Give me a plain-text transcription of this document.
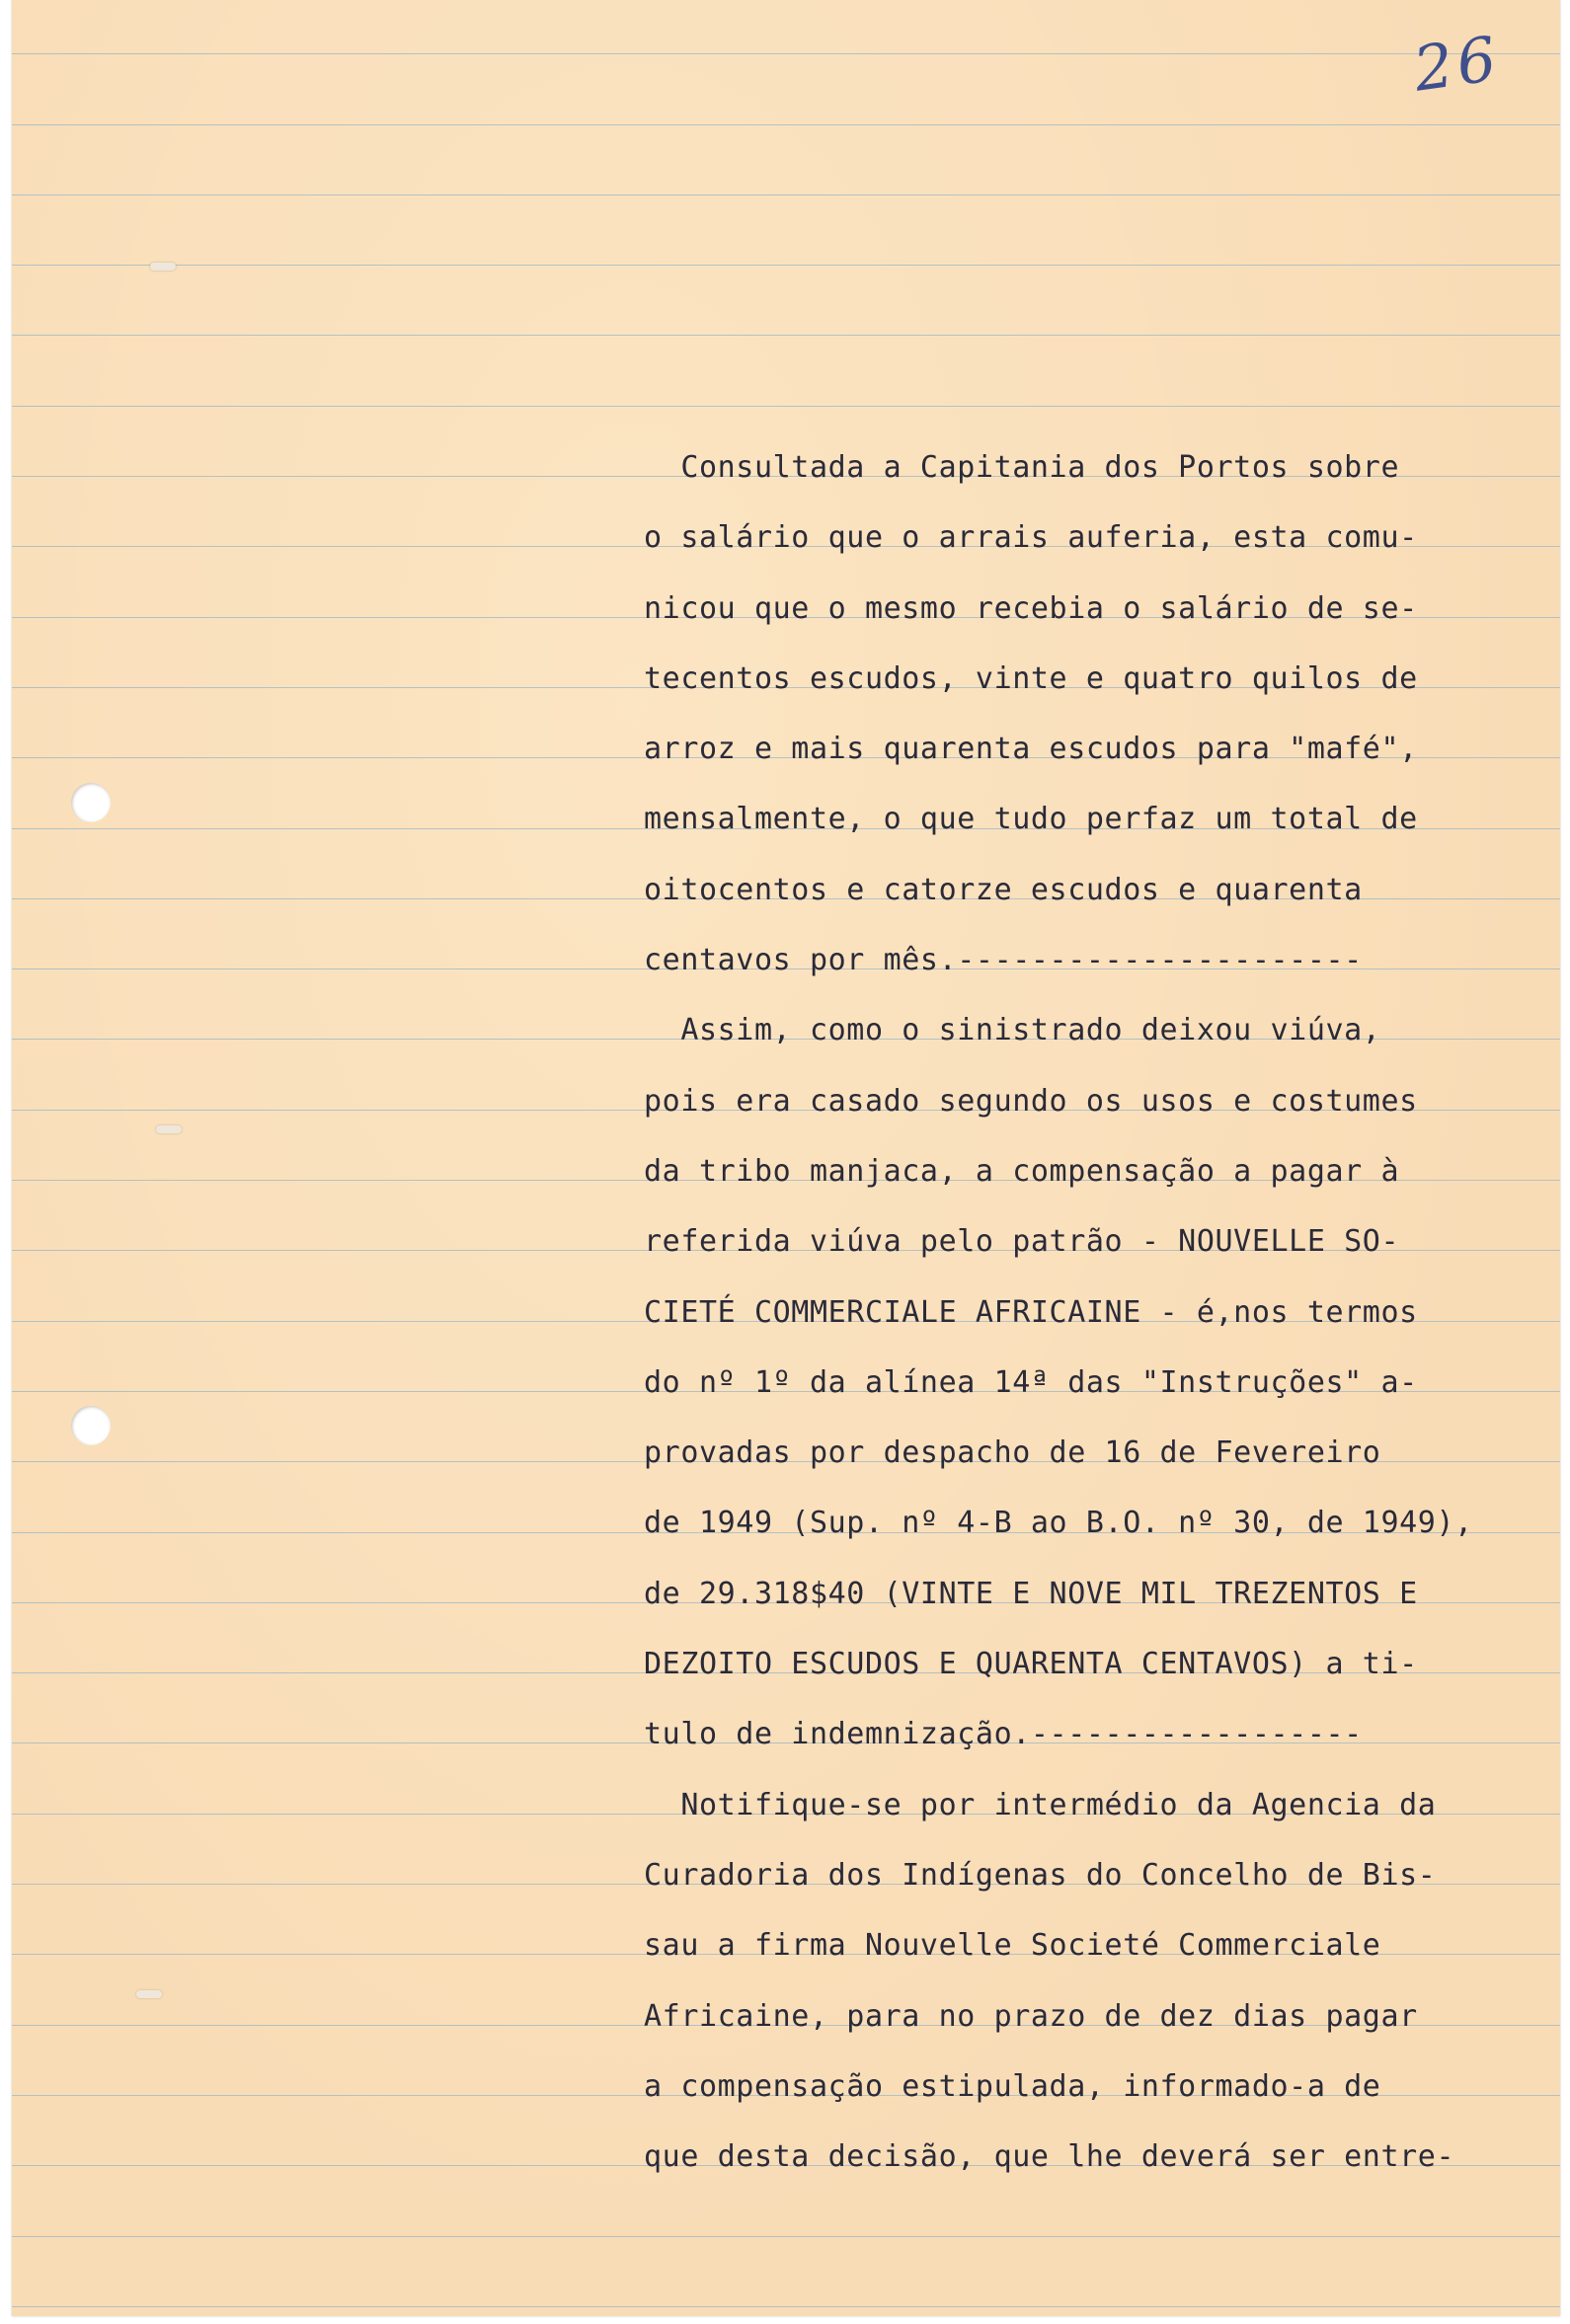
26
Consultada a Capitania dos Portos sobre
o salário que o arrais auferia, esta comu-
nicou que o mesmo recebia o salário de se-
tecentos escudos, vinte e quatro quilos de
arroz e mais quarenta escudos para "mafé",
mensalmente, o que tudo perfaz um total de
oitocentos e catorze escudos e quarenta
centavos por mês.----------------------
Assim, como o sinistrado deixou viúva,
pois era casado segundo os usos e costumes
da tribo manjaca, a compensação a pagar à
referida viúva pelo patrão - NOUVELLE SO-
CIETÉ COMMERCIALE AFRICAINE - é,nos termos
do nº 1º da alínea 14ª das "Instruções" a-
provadas por despacho de 16 de Fevereiro
de 1949 (Sup. nº 4-B ao B.O. nº 30, de 1949),
de 29.318$40 (VINTE E NOVE MIL TREZENTOS E
DEZOITO ESCUDOS E QUARENTA CENTAVOS) a ti-
tulo de indemnização.------------------
Notifique-se por intermédio da Agencia da
Curadoria dos Indígenas do Concelho de Bis-
sau a firma Nouvelle Societé Commerciale
Africaine, para no prazo de dez dias pagar
a compensação estipulada, informado-a de
que desta decisão, que lhe deverá ser entre-
